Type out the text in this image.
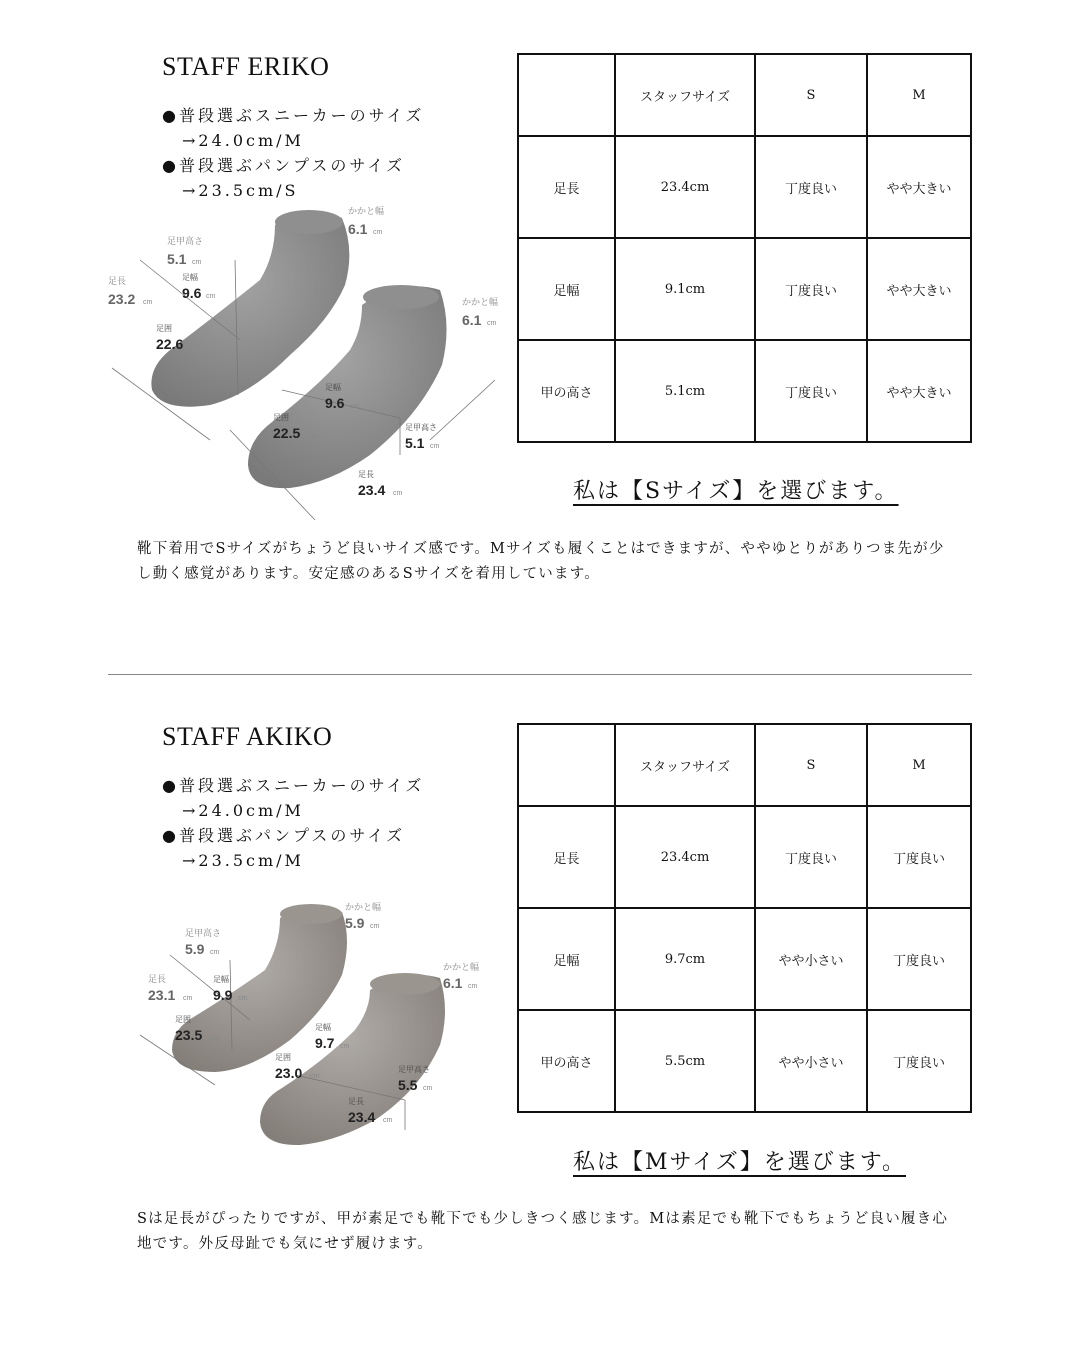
STAFF ERIKO
●普段選ぶスニーカーのサイズ
→24.0cm/M
●普段選ぶパンプスのサイズ
→23.5cm/S
かかと幅
6.1 cm
足甲高さ
5.1 cm
足長
23.2 cm
足幅
9.6 cm
足囲
22.6 cm
かかと幅
6.1 cm
足幅
9.6 cm
足囲
22.5 cm
足甲高さ
5.1 cm
足長
23.4 cm
	スタッフサイズ	S	M
足長	23.4cm	丁度良い	やや大きい
足幅	9.1cm	丁度良い	やや大きい
甲の高さ	5.1cm	丁度良い	やや大きい
私は【Sサイズ】を選びます。
靴下着用でSサイズがちょうど良いサイズ感です。Mサイズも履くことはできますが、ややゆとりがありつま先が少し動く感覚があります。安定感のあるSサイズを着用しています。
STAFF AKIKO
●普段選ぶスニーカーのサイズ
→24.0cm/M
●普段選ぶパンプスのサイズ
→23.5cm/M
かかと幅
5.9 cm
足甲高さ
5.9 cm
足長
23.1 cm
足幅
9.9 cm
足囲
23.5 cm
かかと幅
6.1 cm
足幅
9.7 cm
足囲
23.0 cm
足甲高さ
5.5 cm
足長
23.4 cm
	スタッフサイズ	S	M
足長	23.4cm	丁度良い	丁度良い
足幅	9.7cm	やや小さい	丁度良い
甲の高さ	5.5cm	やや小さい	丁度良い
私は【Mサイズ】を選びます。
Sは足長がぴったりですが、甲が素足でも靴下でも少しきつく感じます。Mは素足でも靴下でもちょうど良い履き心地です。外反母趾でも気にせず履けます。
